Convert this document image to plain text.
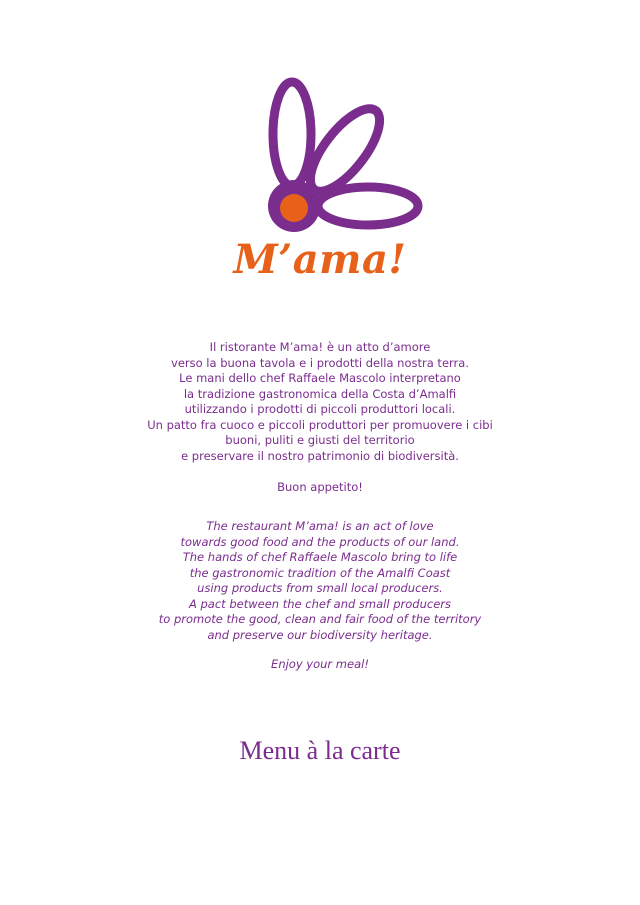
M’ama!
Il ristorante M’ama! è un atto d’amore
verso la buona tavola e i prodotti della nostra terra.
Le mani dello chef Raffaele Mascolo interpretano
la tradizione gastronomica della Costa d’Amalfi
utilizzando i prodotti di piccoli produttori locali.
Un patto fra cuoco e piccoli produttori per promuovere i cibi
buoni, puliti e giusti del territorio
e preservare il nostro patrimonio di biodiversità.
Buon appetito!
The restaurant M’ama! is an act of love
towards good food and the products of our land.
The hands of chef Raffaele Mascolo bring to life
the gastronomic tradition of the Amalfi Coast
using products from small local producers.
A pact between the chef and small producers
to promote the good, clean and fair food of the territory
and preserve our biodiversity heritage.
Enjoy your meal!
Menu à la carte
